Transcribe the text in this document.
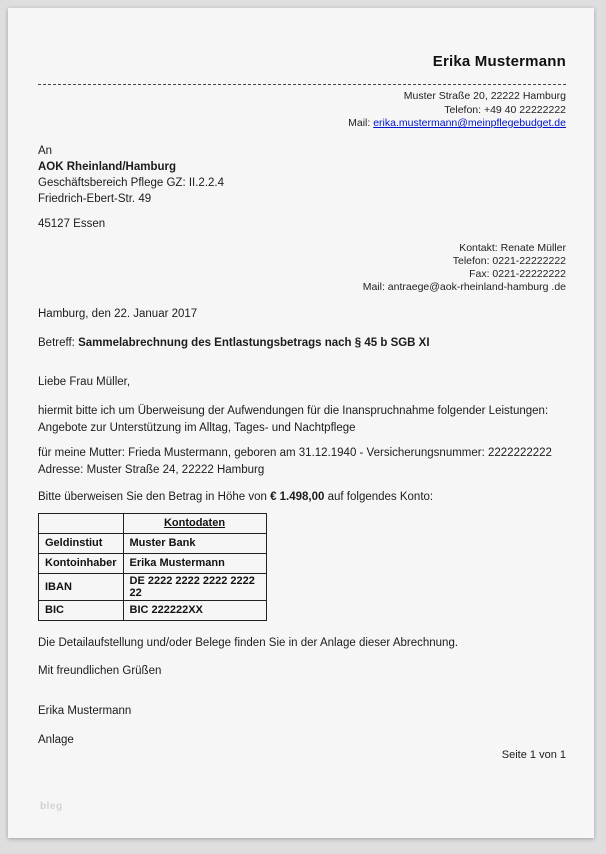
Erika Mustermann
Muster Straße 20, 22222 Hamburg
Telefon: +49 40 22222222
Mail: erika.mustermann@meinpflegebudget.de
An
AOK Rheinland/Hamburg
Geschäftsbereich Pflege GZ: II.2.2.4
Friedrich-Ebert-Str. 49
45127 Essen
Kontakt: Renate Müller
Telefon: 0221-22222222
Fax: 0221-22222222
Mail: antraege@aok-rheinland-hamburg .de
Hamburg, den 22. Januar 2017
Betreff: Sammelabrechnung des Entlastungsbetrags nach § 45 b SGB XI
Liebe Frau Müller,
hiermit bitte ich um Überweisung der Aufwendungen für die Inanspruchnahme folgender Leistungen:
Angebote zur Unterstützung im Alltag, Tages- und Nachtpflege
für meine Mutter: Frieda Mustermann, geboren am 31.12.1940 - Versicherungsnummer: 2222222222
Adresse: Muster Straße 24, 22222 Hamburg
Bitte überweisen Sie den Betrag in Höhe von € 1.498,00 auf folgendes Konto:
	Kontodaten
Geldinstiut	Muster Bank
Kontoinhaber	Erika Mustermann
IBAN	DE 2222 2222 2222 2222 22
BIC	BIC 222222XX
Die Detailaufstellung und/oder Belege finden Sie in der Anlage dieser Abrechnung.
Mit freundlichen Grüßen
Erika Mustermann
Anlage
Seite 1 von 1
bleg
